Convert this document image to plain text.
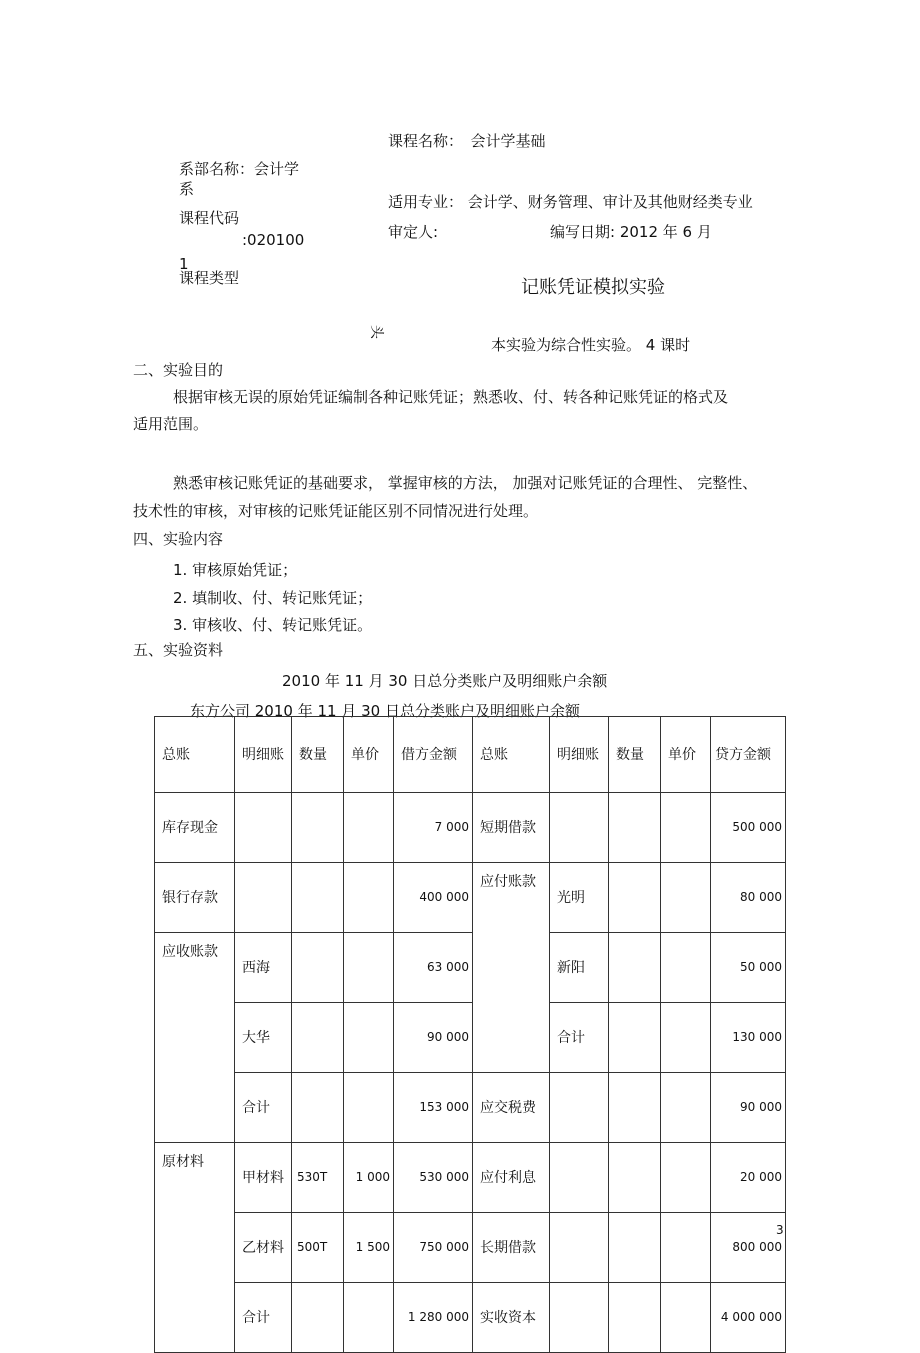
课程名称：　会计学基础
系部名称：会计学
系
课程代码
:020100
1
课程类型
适用专业： 会计学、财务管理、审计及其他财经类专业
审定人:	编写日期: 2012 年 6 月
记账凭证模拟实验
头
本实验为综合性实验。 4 课时
二、实验目的
根据审核无误的原始凭证编制各种记账凭证；熟悉收、付、转各种记账凭证的格式及
适用范围。
熟悉审核记账凭证的基础要求， 掌握审核的方法， 加强对记账凭证的合理性、 完整性、
技术性的审核，对审核的记账凭证能区别不同情况进行处理。
四、实验内容
1. 审核原始凭证；
2. 填制收、付、转记账凭证；
3. 审核收、付、转记账凭证。
五、实验资料
2010 年 11 月 30 日总分类账户及明细账户余额
东方公司 2010 年 11 月 30 日总分类账户及明细账户余额
总账	明细账	数量	单价	借方金额	总账	明细账	数量	单价	贷方金额
库存现金				7 000	短期借款				500 000
银行存款				400 000	应付账款	光明			80 000
应收账款	西海			63 000		新阳			50 000
	大华			90 000		合计			130 000
	合计			153 000	应交税费				90 000
原材料	甲材料	530T	1 000	530 000	应付利息				20 000
	乙材料	500T	1 500	750 000	长期借款				800 000
	合计			1 280 000	实收资本				4 000 000
3
